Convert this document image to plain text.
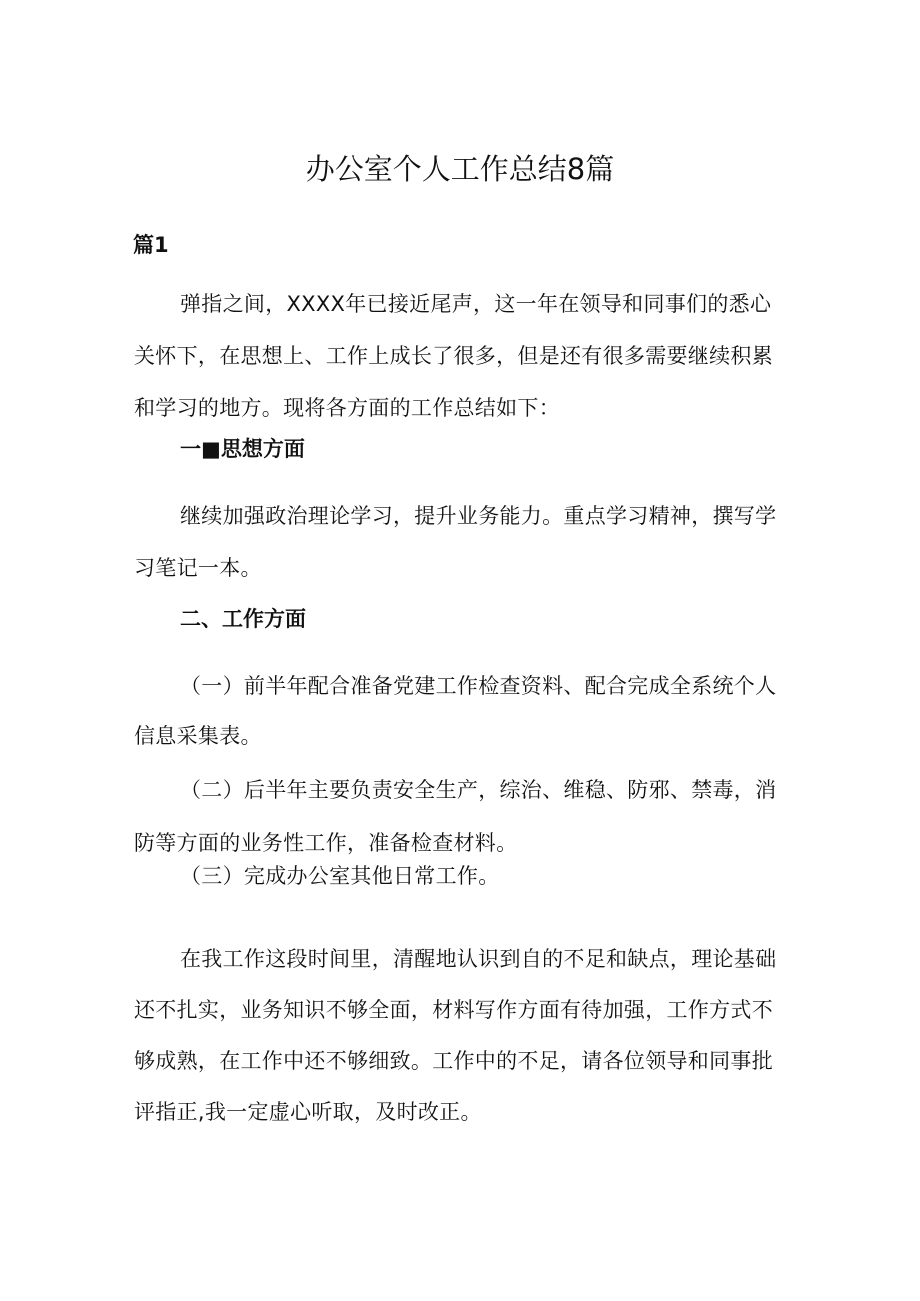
办公室个人工作总结8篇
篇1

弹指之间，XXXX年已接近尾声，这一年在领导和同事们的悉心关怀下，在思想上、工作上成长了很多，但是还有很多需要继续积累和学习的地方。现将各方面的工作总结如下：

一■思想方面

继续加强政治理论学习，提升业务能力。重点学习精神，撰写学习笔记一本。

二、工作方面

（一）前半年配合准备党建工作检查资料、配合完成全系统个人信息采集表。

（二）后半年主要负责安全生产，综治、维稳、防邪、禁毒，消防等方面的业务性工作，准备检查材料。

（三）完成办公室其他日常工作。

在我工作这段时间里，清醒地认识到自的不足和缺点，理论基础还不扎实，业务知识不够全面，材料写作方面有待加强，工作方式不够成熟，在工作中还不够细致。工作中的不足，请各位领导和同事批评指正,我一定虚心听取，及时改正。
